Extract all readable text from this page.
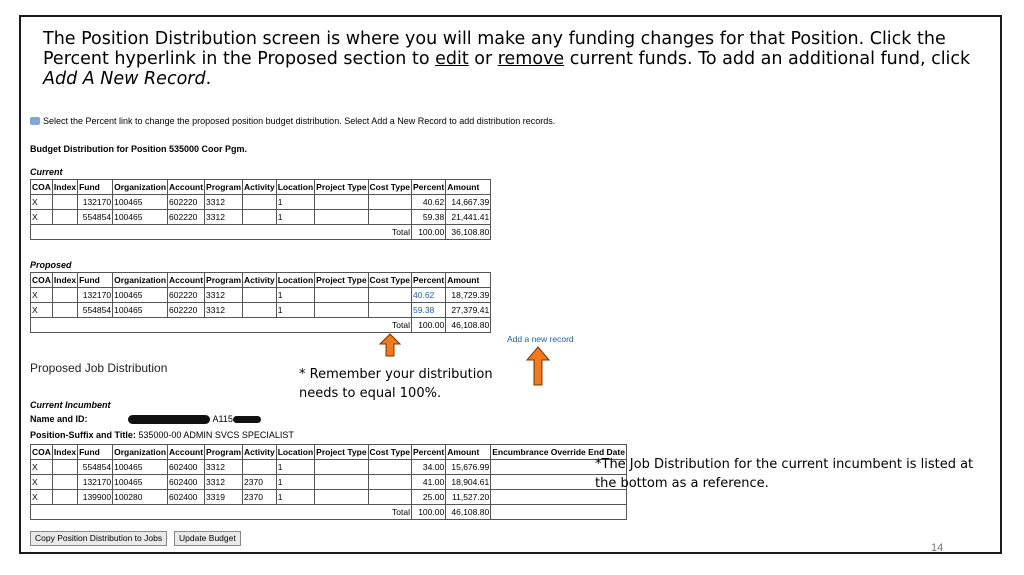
The Position Distribution screen is where you will make any funding changes for that Position. Click the Percent hyperlink in the Proposed section to edit or remove current funds. To add an additional fund, click Add A New Record.
Select the Percent link to change the proposed position budget distribution. Select Add a New Record to add distribution records.
Budget Distribution for Position 535000 Coor Pgm.
Current
COA	Index	Fund	Organization	Account	Program	Activity	Location	Project Type	Cost Type	Percent	Amount
X		132170	100465	602220	3312		1			40.62	14,667.39
X		554854	100465	602220	3312		1			59.38	21,441.41
Total										100.00	36,108.80
Proposed
COA	Index	Fund	Organization	Account	Program	Activity	Location	Project Type	Cost Type	Percent	Amount
X		132170	100465	602220	3312		1			40.62	18,729.39
X		554854	100465	602220	3312		1			59.38	27,379.41
Total										100.00	46,108.80
Add a new record
Proposed Job Distribution	* Remember your distribution needs to equal 100%.
Current Incumbent
Name and ID:	A115
Position-Suffix and Title: 535000-00 ADMIN SVCS SPECIALIST
COA	Index	Fund	Organization	Account	Program	Activity	Location	Project Type	Cost Type	Percent	Amount	Encumbrance Override End Date
X		554854	100465	602400	3312		1			34.00	15,676.99	
X		132170	100465	602400	3312	2370	1			41.00	18,904.61	
X		139900	100280	602400	3319	2370	1			25.00	11,527.20	
Total										100.00	46,108.80	
*The Job Distribution for the current incumbent is listed at the bottom as a reference.
Copy Position Distribution to Jobs	Update Budget
14
